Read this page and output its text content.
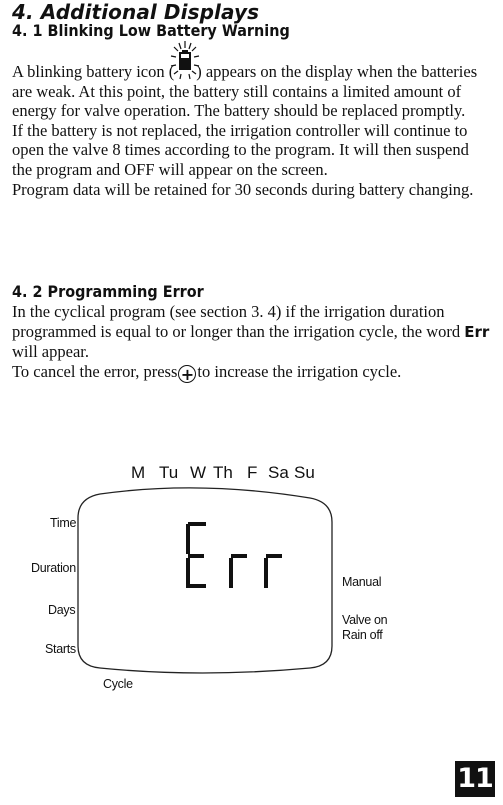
4. Additional Displays
4. 1 Blinking Low Battery Warning

A blinking battery icon ( ) appears on the display when the batteries are weak. At this point, the battery still contains a limited amount of energy for valve operation. The battery should be replaced promptly.

If the battery is not replaced, the irrigation controller will continue to open the valve 8 times according to the program. It will then suspend the program and OFF will appear on the screen.

Program data will be retained for 30 seconds during battery changing.

4. 2 Programming Error

In the cyclical program (see section 3. 4) if the irrigation duration programmed is equal to or longer than the irrigation cycle, the word Err will appear.

To cancel the error, press + to increase the irrigation cycle.

M Tu W Th F Sa Su
Time
Duration
Days
Starts
Manual
Valve on
Rain off
Cycle
11
